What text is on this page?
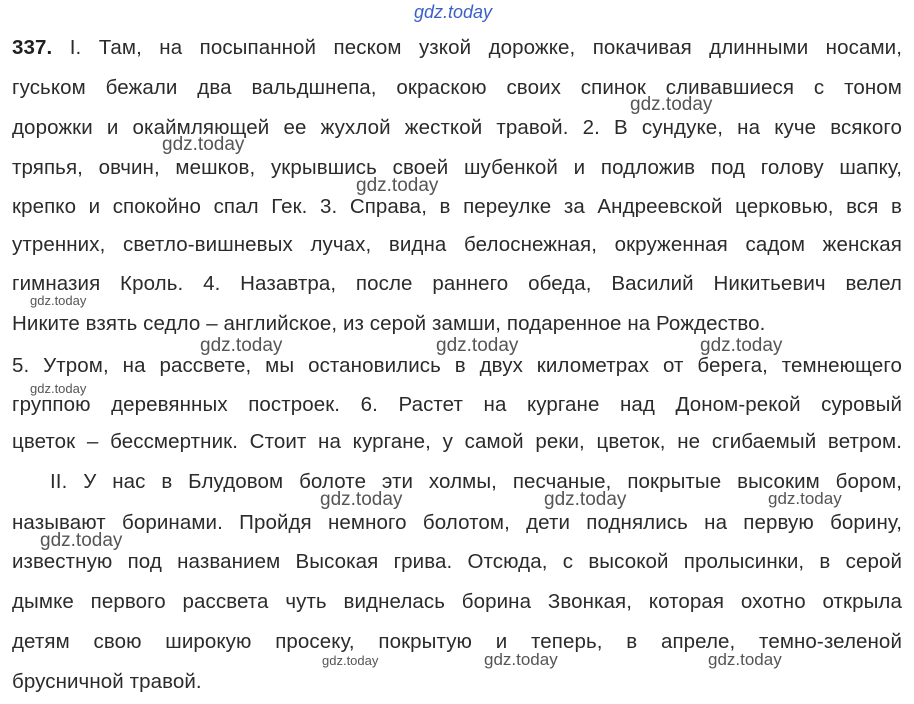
gdz.today
337. I. Там, на посыпанной песком узкой дорожке, покачивая длинными носами,
гуськом бежали два вальдшнепа, окраскою своих спинок сливавшиеся с тоном
дорожки и окаймляющей ее жухлой жесткой травой. 2. В сундуке, на куче всякого
тряпья, овчин, мешков, укрывшись своей шубенкой и подложив под голову шапку,
крепко и спокойно спал Гек. 3. Справа, в переулке за Андреевской церковью, вся в
утренних, светло-вишневых лучах, видна белоснежная, окруженная садом женская
гимназия Кроль. 4. Назавтра, после раннего обеда, Василий Никитьевич велел
Никите взять седло – английское, из серой замши, подаренное на Рождество.
5. Утром, на рассвете, мы остановились в двух километрах от берега, темнеющего
группою деревянных построек. 6. Растет на кургане над Доном-рекой суровый
цветок – бессмертник. Стоит на кургане, у самой реки, цветок, не сгибаемый ветром.
II. У нас в Блудовом болоте эти холмы, песчаные, покрытые высоким бором,
называют боринами. Пройдя немного болотом, дети поднялись на первую борину,
известную под названием Высокая грива. Отсюда, с высокой пролысинки, в серой
дымке первого рассвета чуть виднелась борина Звонкая, которая охотно открыла
детям свою широкую просеку, покрытую и теперь, в апреле, темно-зеленой
брусничной травой.
gdz.today
gdz.today
gdz.today
gdz.today
gdz.today	gdz.today	gdz.today
gdz.today
gdz.today	gdz.today	gdz.today
gdz.today
gdz.today	gdz.today	gdz.today
